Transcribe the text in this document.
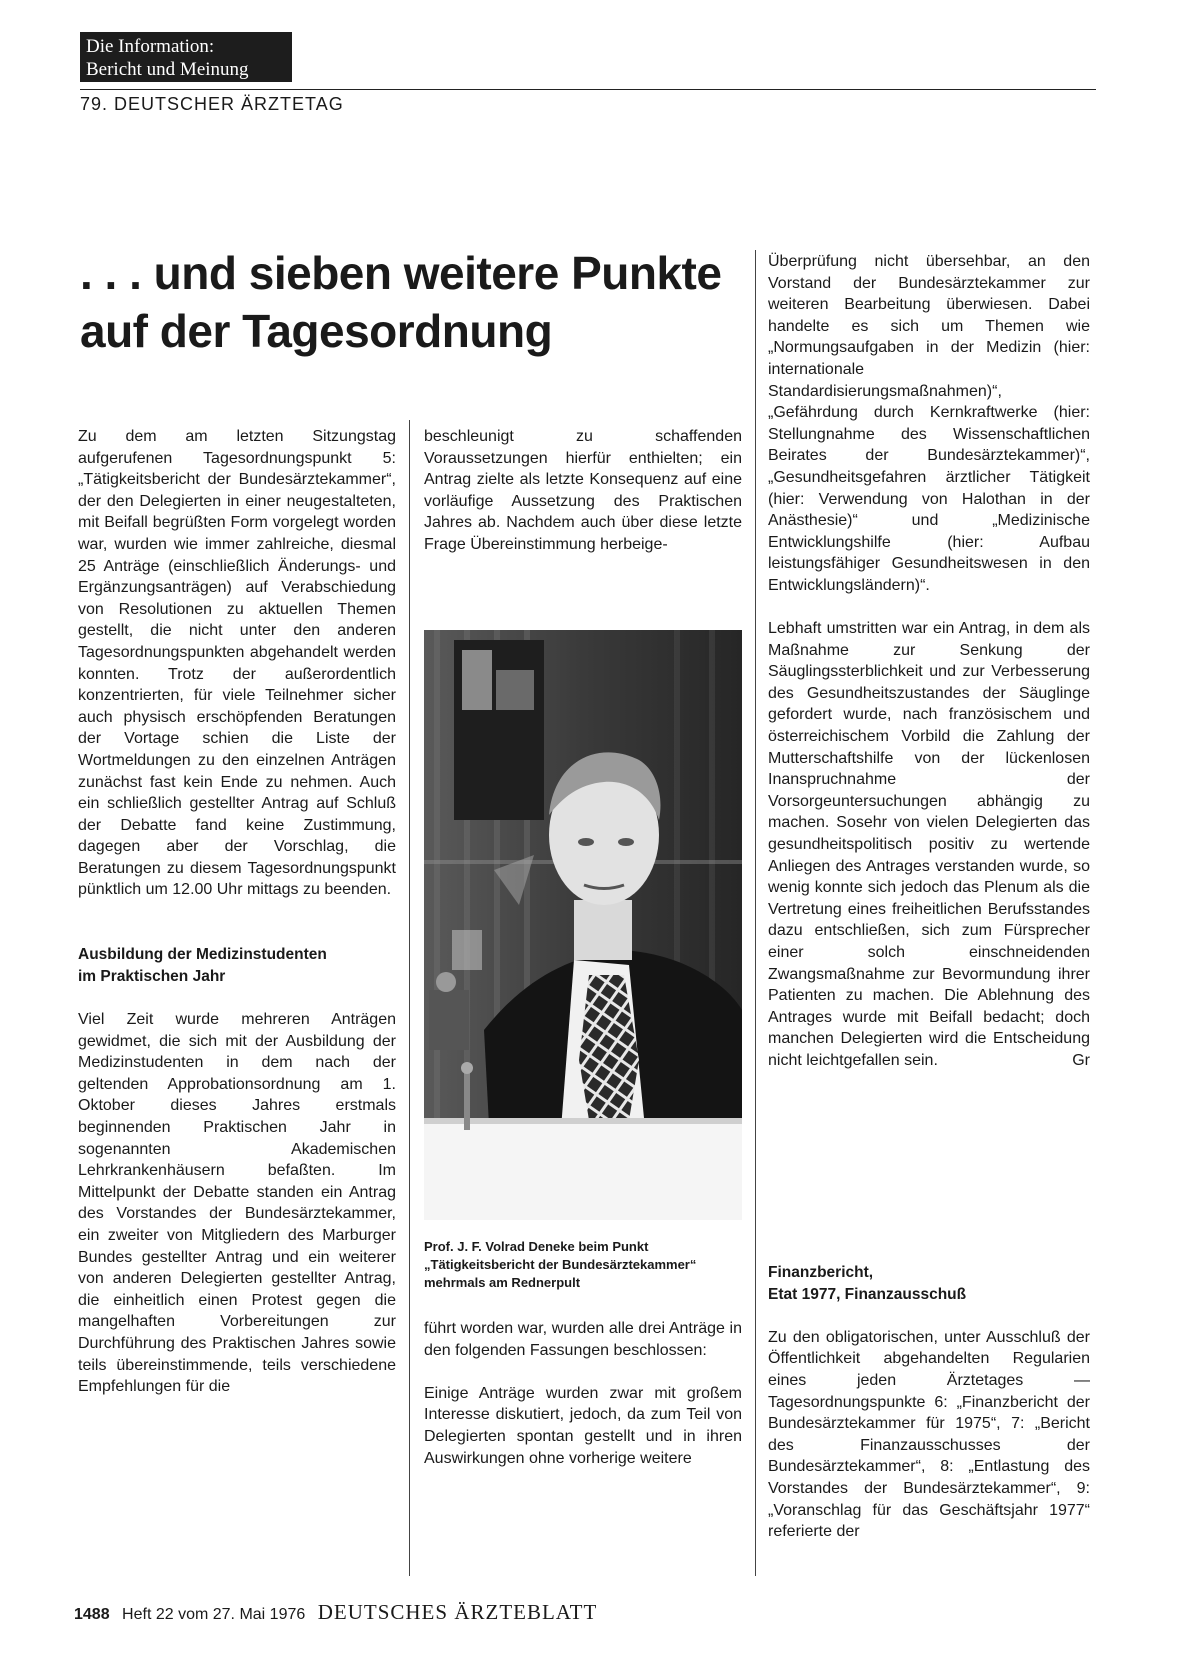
Die Information:
Bericht und Meinung
79. DEUTSCHER ÄRZTETAG
. . . und sieben weitere Punkte
auf der Tagesordnung

Zu dem am letzten Sitzungstag aufgerufenen Tagesordnungspunkt 5: „Tätigkeitsbericht der Bundesärztekammer“, der den Delegierten in einer neugestalteten, mit Beifall begrüßten Form vorgelegt worden war, wurden wie immer zahlreiche, diesmal 25 Anträge (einschließlich Änderungs- und Ergänzungsanträgen) auf Verabschiedung von Resolutionen zu aktuellen Themen gestellt, die nicht unter den anderen Tagesordnungspunkten abgehandelt werden konnten. Trotz der außerordentlich konzentrierten, für viele Teilnehmer sicher auch physisch erschöpfenden Beratungen der Vortage schien die Liste der Wortmeldungen zu den einzelnen Anträgen zunächst fast kein Ende zu nehmen. Auch ein schließlich gestellter Antrag auf Schluß der Debatte fand keine Zustimmung, dagegen aber der Vorschlag, die Beratungen zu diesem Tagesordnungspunkt pünktlich um 12.00 Uhr mittags zu beenden.

Ausbildung der Medizinstudenten
im Praktischen Jahr

Viel Zeit wurde mehreren Anträgen gewidmet, die sich mit der Ausbildung der Medizinstudenten in dem nach der geltenden Approbationsordnung am 1. Oktober dieses Jahres erstmals beginnenden Praktischen Jahr in sogenannten Akademischen Lehrkrankenhäusern befaßten. Im Mittelpunkt der Debatte standen ein Antrag des Vorstandes der Bundesärztekammer, ein zweiter von Mitgliedern des Marburger Bundes gestellter Antrag und ein weiterer von anderen Delegierten gestellter Antrag, die einheitlich einen Protest gegen die mangelhaften Vorbereitungen zur Durchführung des Praktischen Jahres sowie teils übereinstimmende, teils verschiedene Empfehlungen für die

beschleunigt zu schaffenden Voraussetzungen hierfür enthielten; ein Antrag zielte als letzte Konsequenz auf eine vorläufige Aussetzung des Praktischen Jahres ab. Nachdem auch über diese letzte Frage Übereinstimmung herbeige-

Prof. J. F. Volrad Deneke beim Punkt „Tätigkeitsbericht der Bundesärztekammer“ mehrmals am Rednerpult

führt worden war, wurden alle drei Anträge in den folgenden Fassungen beschlossen:

Einige Anträge wurden zwar mit großem Interesse diskutiert, jedoch, da zum Teil von Delegierten spontan gestellt und in ihren Auswirkungen ohne vorherige weitere

Überprüfung nicht übersehbar, an den Vorstand der Bundesärztekammer zur weiteren Bearbeitung überwiesen. Dabei handelte es sich um Themen wie „Normungsaufgaben in der Medizin (hier: internationale Standardisierungsmaßnahmen)“, „Gefährdung durch Kernkraftwerke (hier: Stellungnahme des Wissenschaftlichen Beirates der Bundesärztekammer)“, „Gesundheitsgefahren ärztlicher Tätigkeit (hier: Verwendung von Halothan in der Anästhesie)“ und „Medizinische Entwicklungshilfe (hier: Aufbau leistungsfähiger Gesundheitswesen in den Entwicklungsländern)“.

Lebhaft umstritten war ein Antrag, in dem als Maßnahme zur Senkung der Säuglingssterblichkeit und zur Verbesserung des Gesundheitszustandes der Säuglinge gefordert wurde, nach französischem und österreichischem Vorbild die Zahlung der Mutterschaftshilfe von der lückenlosen Inanspruchnahme der Vorsorgeuntersuchungen abhängig zu machen. Sosehr von vielen Delegierten das gesundheitspolitisch positiv zu wertende Anliegen des Antrages verstanden wurde, so wenig konnte sich jedoch das Plenum als die Vertretung eines freiheitlichen Berufsstandes dazu entschließen, sich zum Fürsprecher einer solch einschneidenden Zwangsmaßnahme zur Bevormundung ihrer Patienten zu machen. Die Ablehnung des Antrages wurde mit Beifall bedacht; doch manchen Delegierten wird die Entscheidung nicht leichtgefallen sein.	Gr

Finanzbericht,
Etat 1977, Finanzausschuß

Zu den obligatorischen, unter Ausschluß der Öffentlichkeit abgehandelten Regularien eines jeden Ärztetages — Tagesordnungspunkte 6: „Finanzbericht der Bundesärztekammer für 1975“, 7: „Bericht des Finanzausschusses der Bundesärztekammer“, 8: „Entlastung des Vorstandes der Bundesärztekammer“, 9: „Voranschlag für das Geschäftsjahr 1977“ referierte der

1488 Heft 22 vom 27. Mai 1976 DEUTSCHES ÄRZTEBLATT
